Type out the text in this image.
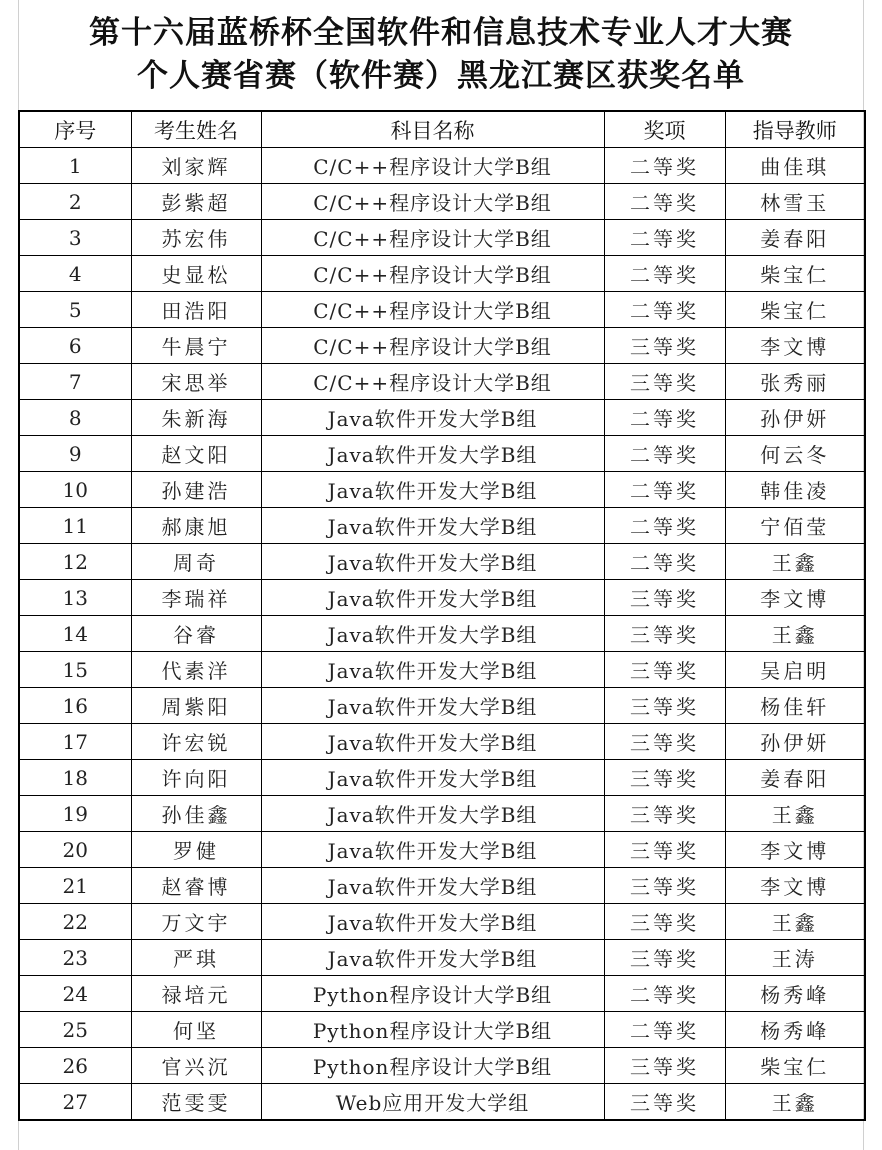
第十六届蓝桥杯全国软件和信息技术专业人才大赛
个人赛省赛（软件赛）黑龙江赛区获奖名单
序号	考生姓名	科目名称	奖项	指导教师
1	刘家辉	C/C++程序设计大学B组	二等奖	曲佳琪
2	彭紫超	C/C++程序设计大学B组	二等奖	林雪玉
3	苏宏伟	C/C++程序设计大学B组	二等奖	姜春阳
4	史显松	C/C++程序设计大学B组	二等奖	柴宝仁
5	田浩阳	C/C++程序设计大学B组	二等奖	柴宝仁
6	牛晨宁	C/C++程序设计大学B组	三等奖	李文博
7	宋思举	C/C++程序设计大学B组	三等奖	张秀丽
8	朱新海	Java软件开发大学B组	二等奖	孙伊妍
9	赵文阳	Java软件开发大学B组	二等奖	何云冬
10	孙建浩	Java软件开发大学B组	二等奖	韩佳凌
11	郝康旭	Java软件开发大学B组	二等奖	宁佰莹
12	周奇	Java软件开发大学B组	二等奖	王鑫
13	李瑞祥	Java软件开发大学B组	三等奖	李文博
14	谷睿	Java软件开发大学B组	三等奖	王鑫
15	代素洋	Java软件开发大学B组	三等奖	吴启明
16	周紫阳	Java软件开发大学B组	三等奖	杨佳轩
17	许宏锐	Java软件开发大学B组	三等奖	孙伊妍
18	许向阳	Java软件开发大学B组	三等奖	姜春阳
19	孙佳鑫	Java软件开发大学B组	三等奖	王鑫
20	罗健	Java软件开发大学B组	三等奖	李文博
21	赵睿博	Java软件开发大学B组	三等奖	李文博
22	万文宇	Java软件开发大学B组	三等奖	王鑫
23	严琪	Java软件开发大学B组	三等奖	王涛
24	禄培元	Python程序设计大学B组	二等奖	杨秀峰
25	何坚	Python程序设计大学B组	二等奖	杨秀峰
26	官兴沉	Python程序设计大学B组	三等奖	柴宝仁
27	范雯雯	Web应用开发大学组	三等奖	王鑫
